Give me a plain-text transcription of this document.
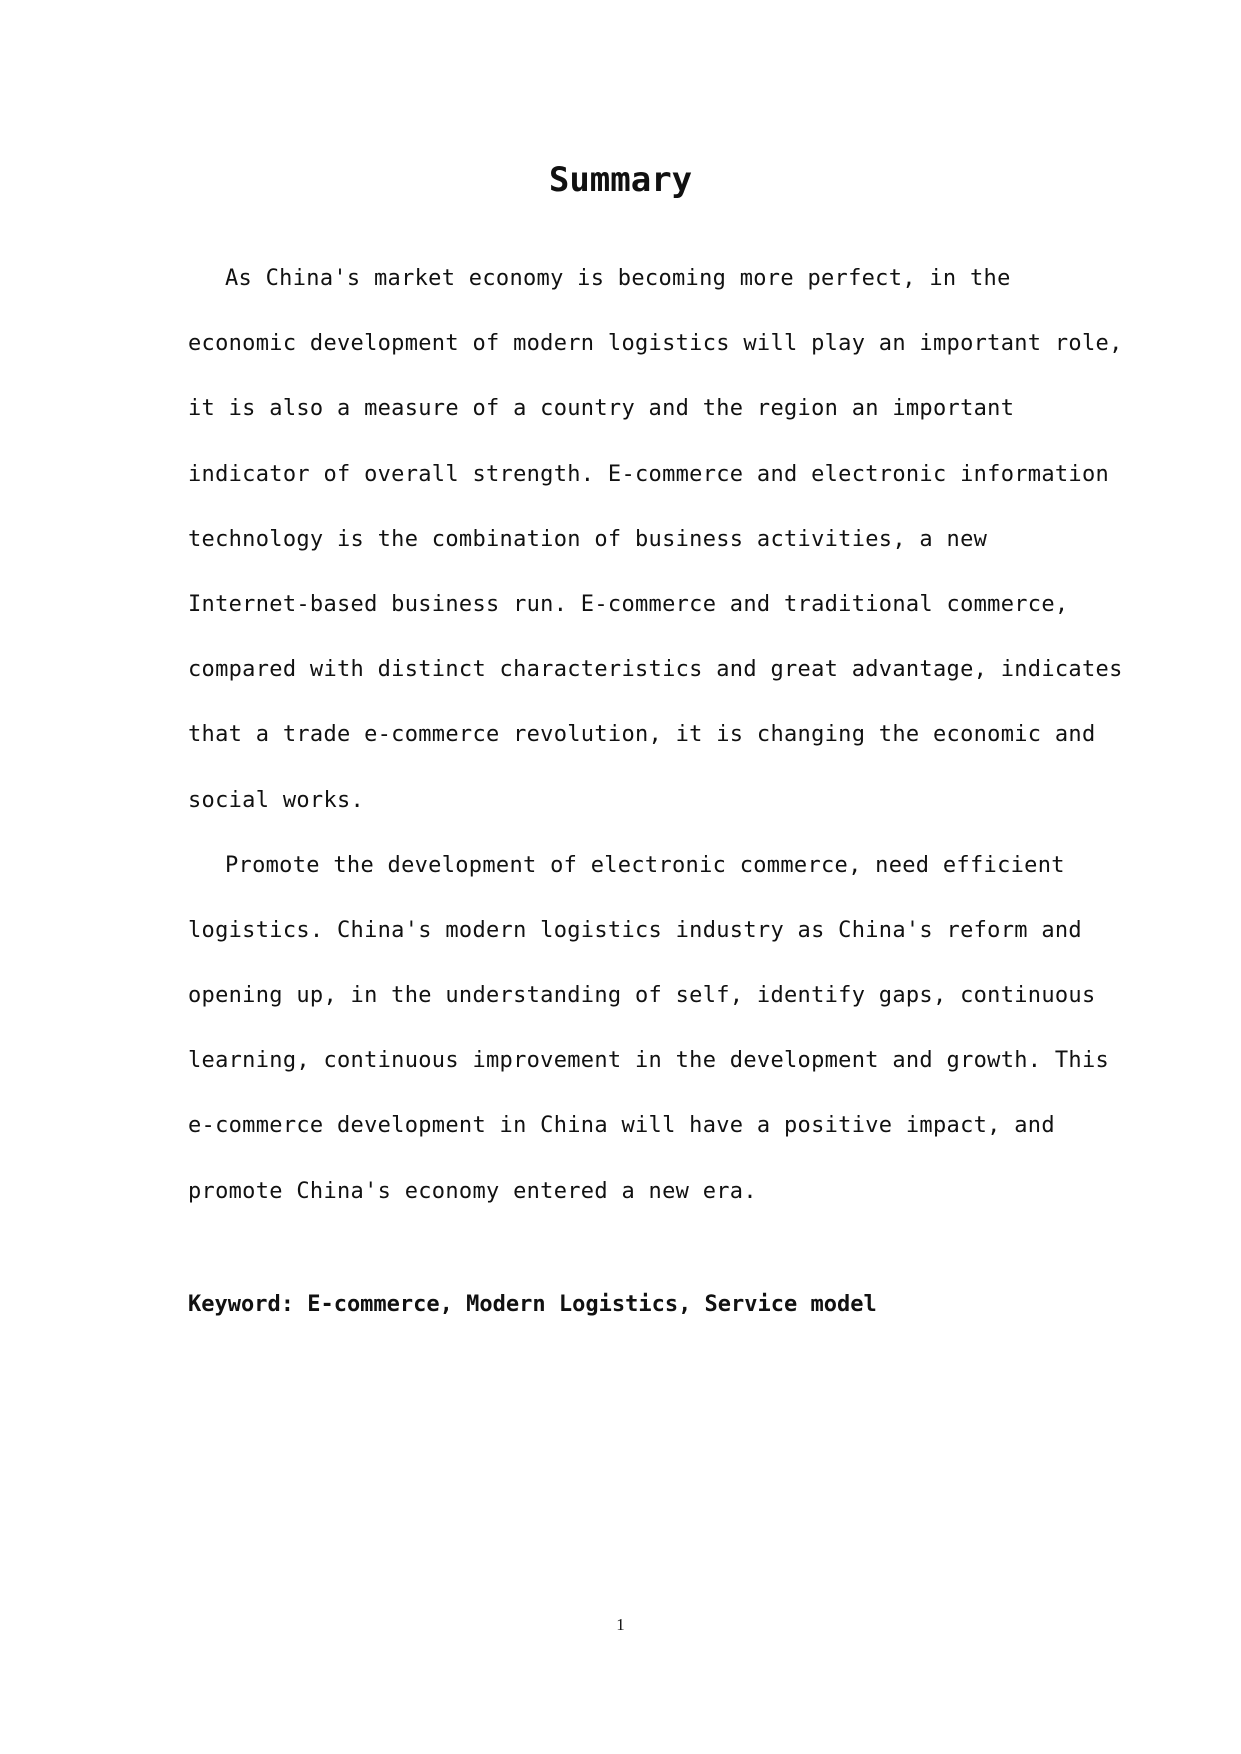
Summary
As China's market economy is becoming more perfect, in the
economic development of modern logistics will play an important role,
it is also a measure of a country and the region an important
indicator of overall strength. E-commerce and electronic information
technology is the combination of business activities, a new
Internet-based business run. E-commerce and traditional commerce,
compared with distinct characteristics and great advantage, indicates
that a trade e-commerce revolution, it is changing the economic and
social works.
Promote the development of electronic commerce, need efficient
logistics. China's modern logistics industry as China's reform and
opening up, in the understanding of self, identify gaps, continuous
learning, continuous improvement in the development and growth. This
e-commerce development in China will have a positive impact, and
promote China's economy entered a new era.

Keyword: E-commerce, Modern Logistics, Service model

1
